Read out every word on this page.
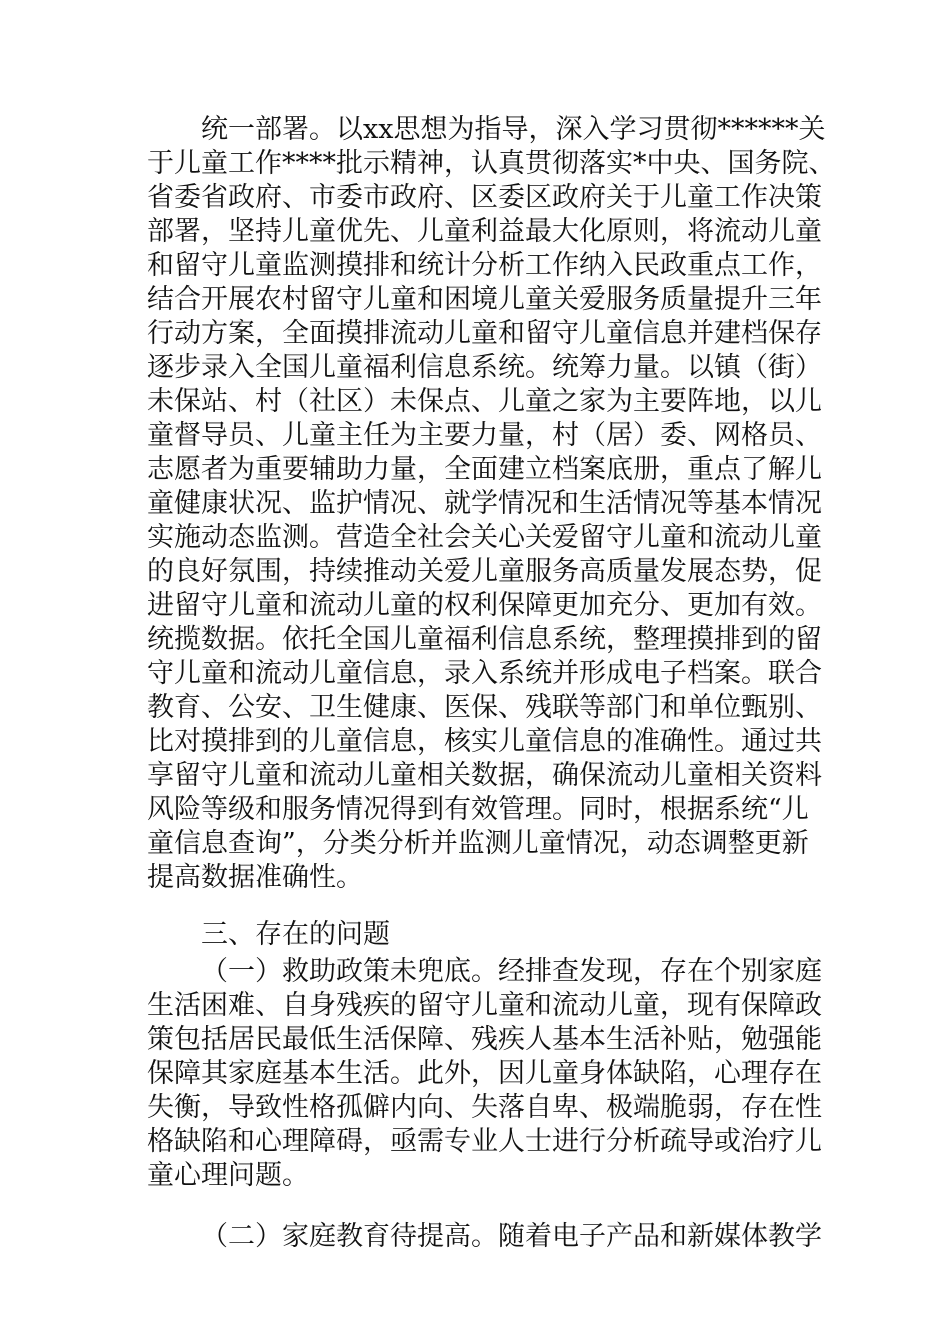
统一部署。以xx思想为指导，深入学习贯彻******关
于儿童工作****批示精神，认真贯彻落实*中央、国务院、
省委省政府、市委市政府、区委区政府关于儿童工作决策
部署，坚持儿童优先、儿童利益最大化原则，将流动儿童
和留守儿童监测摸排和统计分析工作纳入民政重点工作，
结合开展农村留守儿童和困境儿童关爱服务质量提升三年
行动方案，全面摸排流动儿童和留守儿童信息并建档保存
逐步录入全国儿童福利信息系统。统筹力量。以镇（街）
未保站、村（社区）未保点、儿童之家为主要阵地，以儿
童督导员、儿童主任为主要力量，村（居）委、网格员、
志愿者为重要辅助力量，全面建立档案底册，重点了解儿
童健康状况、监护情况、就学情况和生活情况等基本情况
实施动态监测。营造全社会关心关爱留守儿童和流动儿童
的良好氛围，持续推动关爱儿童服务高质量发展态势，促
进留守儿童和流动儿童的权利保障更加充分、更加有效。
统揽数据。依托全国儿童福利信息系统，整理摸排到的留
守儿童和流动儿童信息，录入系统并形成电子档案。联合
教育、公安、卫生健康、医保、残联等部门和单位甄别、
比对摸排到的儿童信息，核实儿童信息的准确性。通过共
享留守儿童和流动儿童相关数据，确保流动儿童相关资料
风险等级和服务情况得到有效管理。同时，根据系统“儿
童信息查询”，分类分析并监测儿童情况，动态调整更新
提高数据准确性。
三、存在的问题
（一）救助政策未兜底。经排查发现，存在个别家庭
生活困难、自身残疾的留守儿童和流动儿童，现有保障政
策包括居民最低生活保障、残疾人基本生活补贴，勉强能
保障其家庭基本生活。此外，因儿童身体缺陷，心理存在
失衡，导致性格孤僻内向、失落自卑、极端脆弱，存在性
格缺陷和心理障碍，亟需专业人士进行分析疏导或治疗儿
童心理问题。
（二）家庭教育待提高。随着电子产品和新媒体教学
